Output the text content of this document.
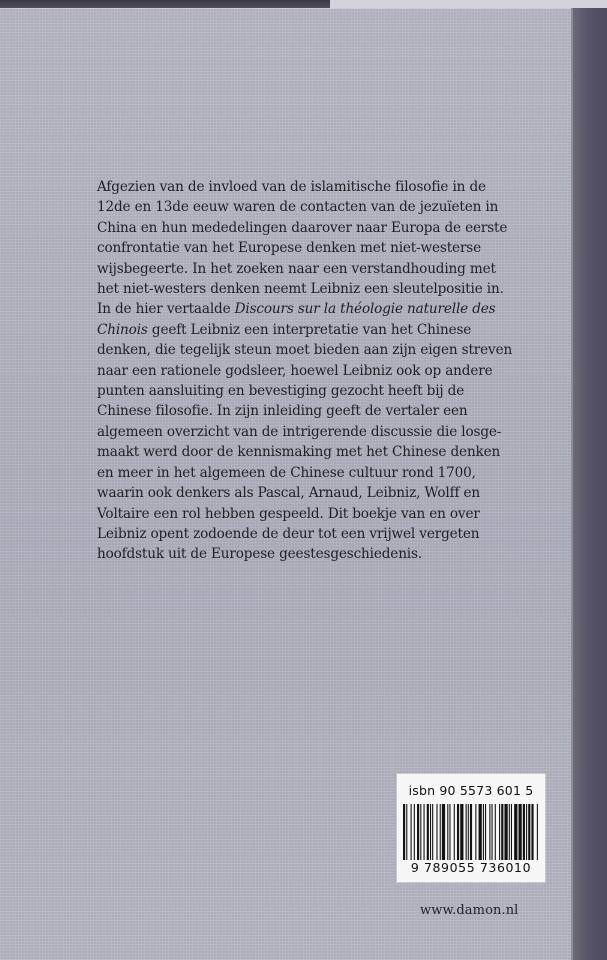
Afgezien van de invloed van de islamitische filosofie in de
12de en 13de eeuw waren de contacten van de jezuïeten in
China en hun mededelingen daarover naar Europa de eerste
confrontatie van het Europese denken met niet-westerse
wijsbegeerte. In het zoeken naar een verstandhouding met
het niet-westers denken neemt Leibniz een sleutelpositie in.
In de hier vertaalde Discours sur la théologie naturelle des
Chinois geeft Leibniz een interpretatie van het Chinese
denken, die tegelijk steun moet bieden aan zijn eigen streven
naar een rationele godsleer, hoewel Leibniz ook op andere
punten aansluiting en bevestiging gezocht heeft bij de
Chinese filosofie. In zijn inleiding geeft de vertaler een
algemeen overzicht van de intrigerende discussie die losge-
maakt werd door de kennismaking met het Chinese denken
en meer in het algemeen de Chinese cultuur rond 1700,
waarin ook denkers als Pascal, Arnaud, Leibniz, Wolff en
Voltaire een rol hebben gespeeld. Dit boekje van en over
Leibniz opent zodoende de deur tot een vrijwel vergeten
hoofdstuk uit de Europese geestesgeschiedenis.

isbn 90 5573 601 5
9 789055 736010
www.damon.nl
